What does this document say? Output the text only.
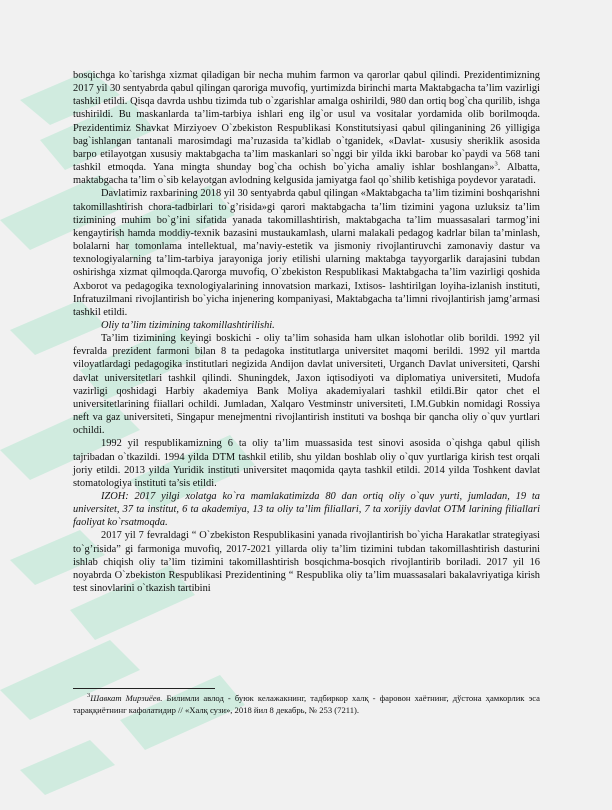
bosqichga ko`tarishga xizmat qiladigan bir necha muhim farmon va qarorlar qabul qilindi. Prezidentimizning 2017 yil 30 sentyabrda qabul qilingan qaroriga muvofiq, yurtimizda birinchi marta Maktabgacha ta’lim vazirligi tashkil etildi. Qisqa davrda ushbu tizimda tub o`zgarishlar amalga oshirildi, 980 dan ortiq bog`cha qurilib, ishga tushirildi. Bu maskanlarda ta’lim-tarbiya ishlari eng ilg`or usul va vositalar yordamida olib borilmoqda. Prezidentimiz Shavkat Mirziyoev O`zbekiston Respublikasi Konstitutsiyasi qabul qilinganining 26 yilligiga bag`ishlangan tantanali marosimdagi ma’ruzasida ta’kidlab o`tganidek, «Davlat- xususiy sheriklik asosida barpo etilayotgan xususiy maktabgacha ta’lim maskanlari so`nggi bir yilda ikki barobar ko`paydi va 568 tani tashkil etmoqda. Yana mingta shunday bog`cha ochish bo`yicha amaliy ishlar boshlangan»$^3$. Albatta, maktabgacha ta’lim o`sib kelayotgan avlodning kelgusida jamiyatga faol qo`shilib ketishiga poydevor yaratadi.

Davlatimiz raxbarining 2018 yil 30 sentyabrda qabul qilingan «Maktabgacha ta’lim tizimini boshqarishni takomillashtirish chora-tadbirlari to`g’risida»gi qarori maktabgacha ta’lim tizimini yagona uzluksiz ta’lim tizimining muhim bo`g’ini sifatida yanada takomillashtirish, maktabgacha ta’lim muassasalari tarmog’ini kengaytirish hamda moddiy-texnik bazasini mustaukamlash, ularni malakali pedagog kadrlar bilan ta’minlash, bolalarni har tomonlama intellektual, ma’naviy-estetik va jismoniy rivojlantiruvchi zamonaviy dastur va texnologiyalarning ta’lim-tarbiya jarayoniga joriy etilishi ularning maktabga tayyorgarlik darajasini tubdan oshirishga xizmat qilmoqda.Qarorga muvofiq, O`zbekiston Respublikasi Maktabgacha ta’lim vazirligi qoshida Axborot va pedagogika texnologiyalarining innovatsion markazi, Ixtisos- lashtirilgan loyiha-izlanish instituti, Infratuzilmani rivojlantirish bo`yicha injenering kompaniyasi, Maktabgacha ta’limni rivojlantirish jamg’armasi tashkil etildi.

Oliy ta’lim tizimining takomillashtirilishi.

Ta’lim tizimining keyingi boskichi - oliy ta’lim sohasida ham ulkan islohotlar olib borildi. 1992 yil fevralda prezident farmoni bilan 8 ta pedagoka institutlarga universitet maqomi berildi. 1992 yil martda viloyatlardagi pedagogika institutlari negizida Andijon davlat universiteti, Urganch Davlat universiteti, Qarshi davlat universitetlari tashkil qilindi. Shuningdek, Jaxon iqtisodiyoti va diplomatiya universiteti, Mudofa vazirligi qoshidagi Harbiy akademiya Bank Moliya akademiyalari tashkil etildi.Bir qator chet el universitetlarining fiiallari ochildi. Jumladan, Xalqaro Vestminstr universiteti, I.M.Gubkin nomidagi Rossiya neft va gaz universiteti, Singapur menejmentni rivojlantirish instituti va boshqa bir qancha oliy o`quv yurtlari ochildi.

1992 yil respublikamizning 6 ta oliy ta’lim muassasida test sinovi asosida o`qishga qabul qilish tajribadan o`tkazildi. 1994 yilda DTM tashkil etilib, shu yildan boshlab oliy o`quv yurtlariga kirish test orqali joriy etildi. 2013 yilda Yuridik instituti universitet maqomida qayta tashkil etildi. 2014 yilda Toshkent davlat stomatologiya instituti ta’sis etildi.

IZOH: 2017 yilgi xolatga ko`ra mamlakatimizda 80 dan ortiq oliy o`quv yurti, jumladan, 19 ta universitet, 37 ta institut, 6 ta akademiya, 13 ta oliy ta’lim filiallari, 7 ta xorijiy davlat OTM larining filiallari faoliyat ko`rsatmoqda.

2017 yil 7 fevraldagi “ O`zbekiston Respublikasini yanada rivojlantirish bo`yicha Harakatlar strategiyasi to`g’risida” gi farmoniga muvofiq, 2017-2021 yillarda oliy ta’lim tizimini tubdan takomillashtirish dasturini ishlab chiqish oliy ta’lim tizimini takomillashtirish bosqichma-bosqich rivojlantirib boriladi. 2017 yil 16 noyabrda O`zbekiston Respublikasi Prezidentining “ Respublika oliy ta’lim muassasalari bakalavriyatiga kirish test sinovlarini o`tkazish tartibini

$^3$Шавкат Мирзиёев. Билимли авлод - буюк келажакнинг, тадбиркор халқ - фаровон хаётнинг, дўстона ҳамкорлик эса тараққиётнинг кафолатидир // «Халқ сузи», 2018 йил 8 декабрь, № 253 (7211).
